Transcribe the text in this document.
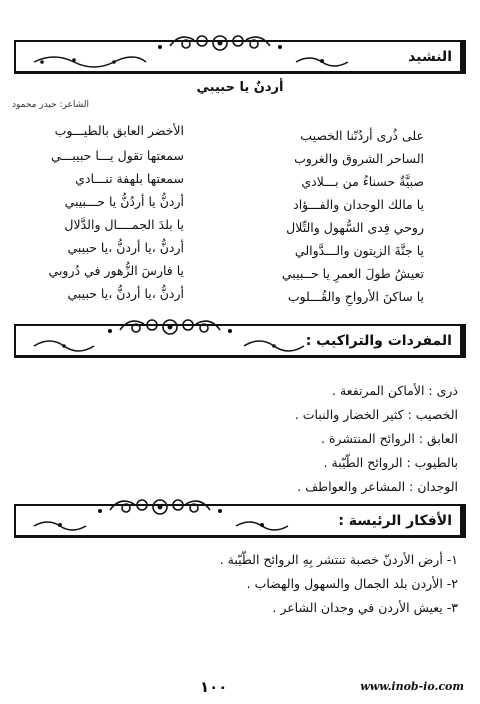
النشيد
أردنٌ يا حبيبي
الشاعر: حيدر محمود
على ذُرى أردُنّنا الخصيب
الساحر الشروق والغروب
صبيَّةٌ حسناءُ من بـــلادي
يا مالك الوجدان والفـــؤاد
روحي فِدى السُّهول والتِّلال
يا جنَّةَ الزيتون والـــدَّوالي
تعيشُ طولَ العمرِ يا حــبيبي
يا ساكنَ الأرواحِ والقُـــلوب
الأخضر العابق بالطيـــوب
سمعتها تقول يـــا حبيبـــي
سمعتها بلهفة تنـــادي
أردنُّ يا أردُنُّ يا حـــبيبي
يا بلدَ الجمــــال والدَّلال
أردنُّ ،يا أردنُّ ،يا حبيبي
يا فارسَ الزُّهور في دُروبي
أردنُّ ،يا أردنُّ ،يا حبيبي
المفردات والتراكيب :
ذرى : الأماكن المرتفعة .
الخصيب : كثير الخضار والنبات .
العابق : الروائح المنتشرة .
بالطيوب : الروائح الطّيّبة .
الوجدان : المشاعر والعواطف .
الأفكار الرئيسة :
١- أرض الأردنّ خصبة تنتشر بِهِ الروائح الطّيّبة .
٢- الأردن بلد الجمال والسهول والهضاب .
٣- يعيش الأردن في وجدان الشاعر .
١٠٠	www.inob-io.com
